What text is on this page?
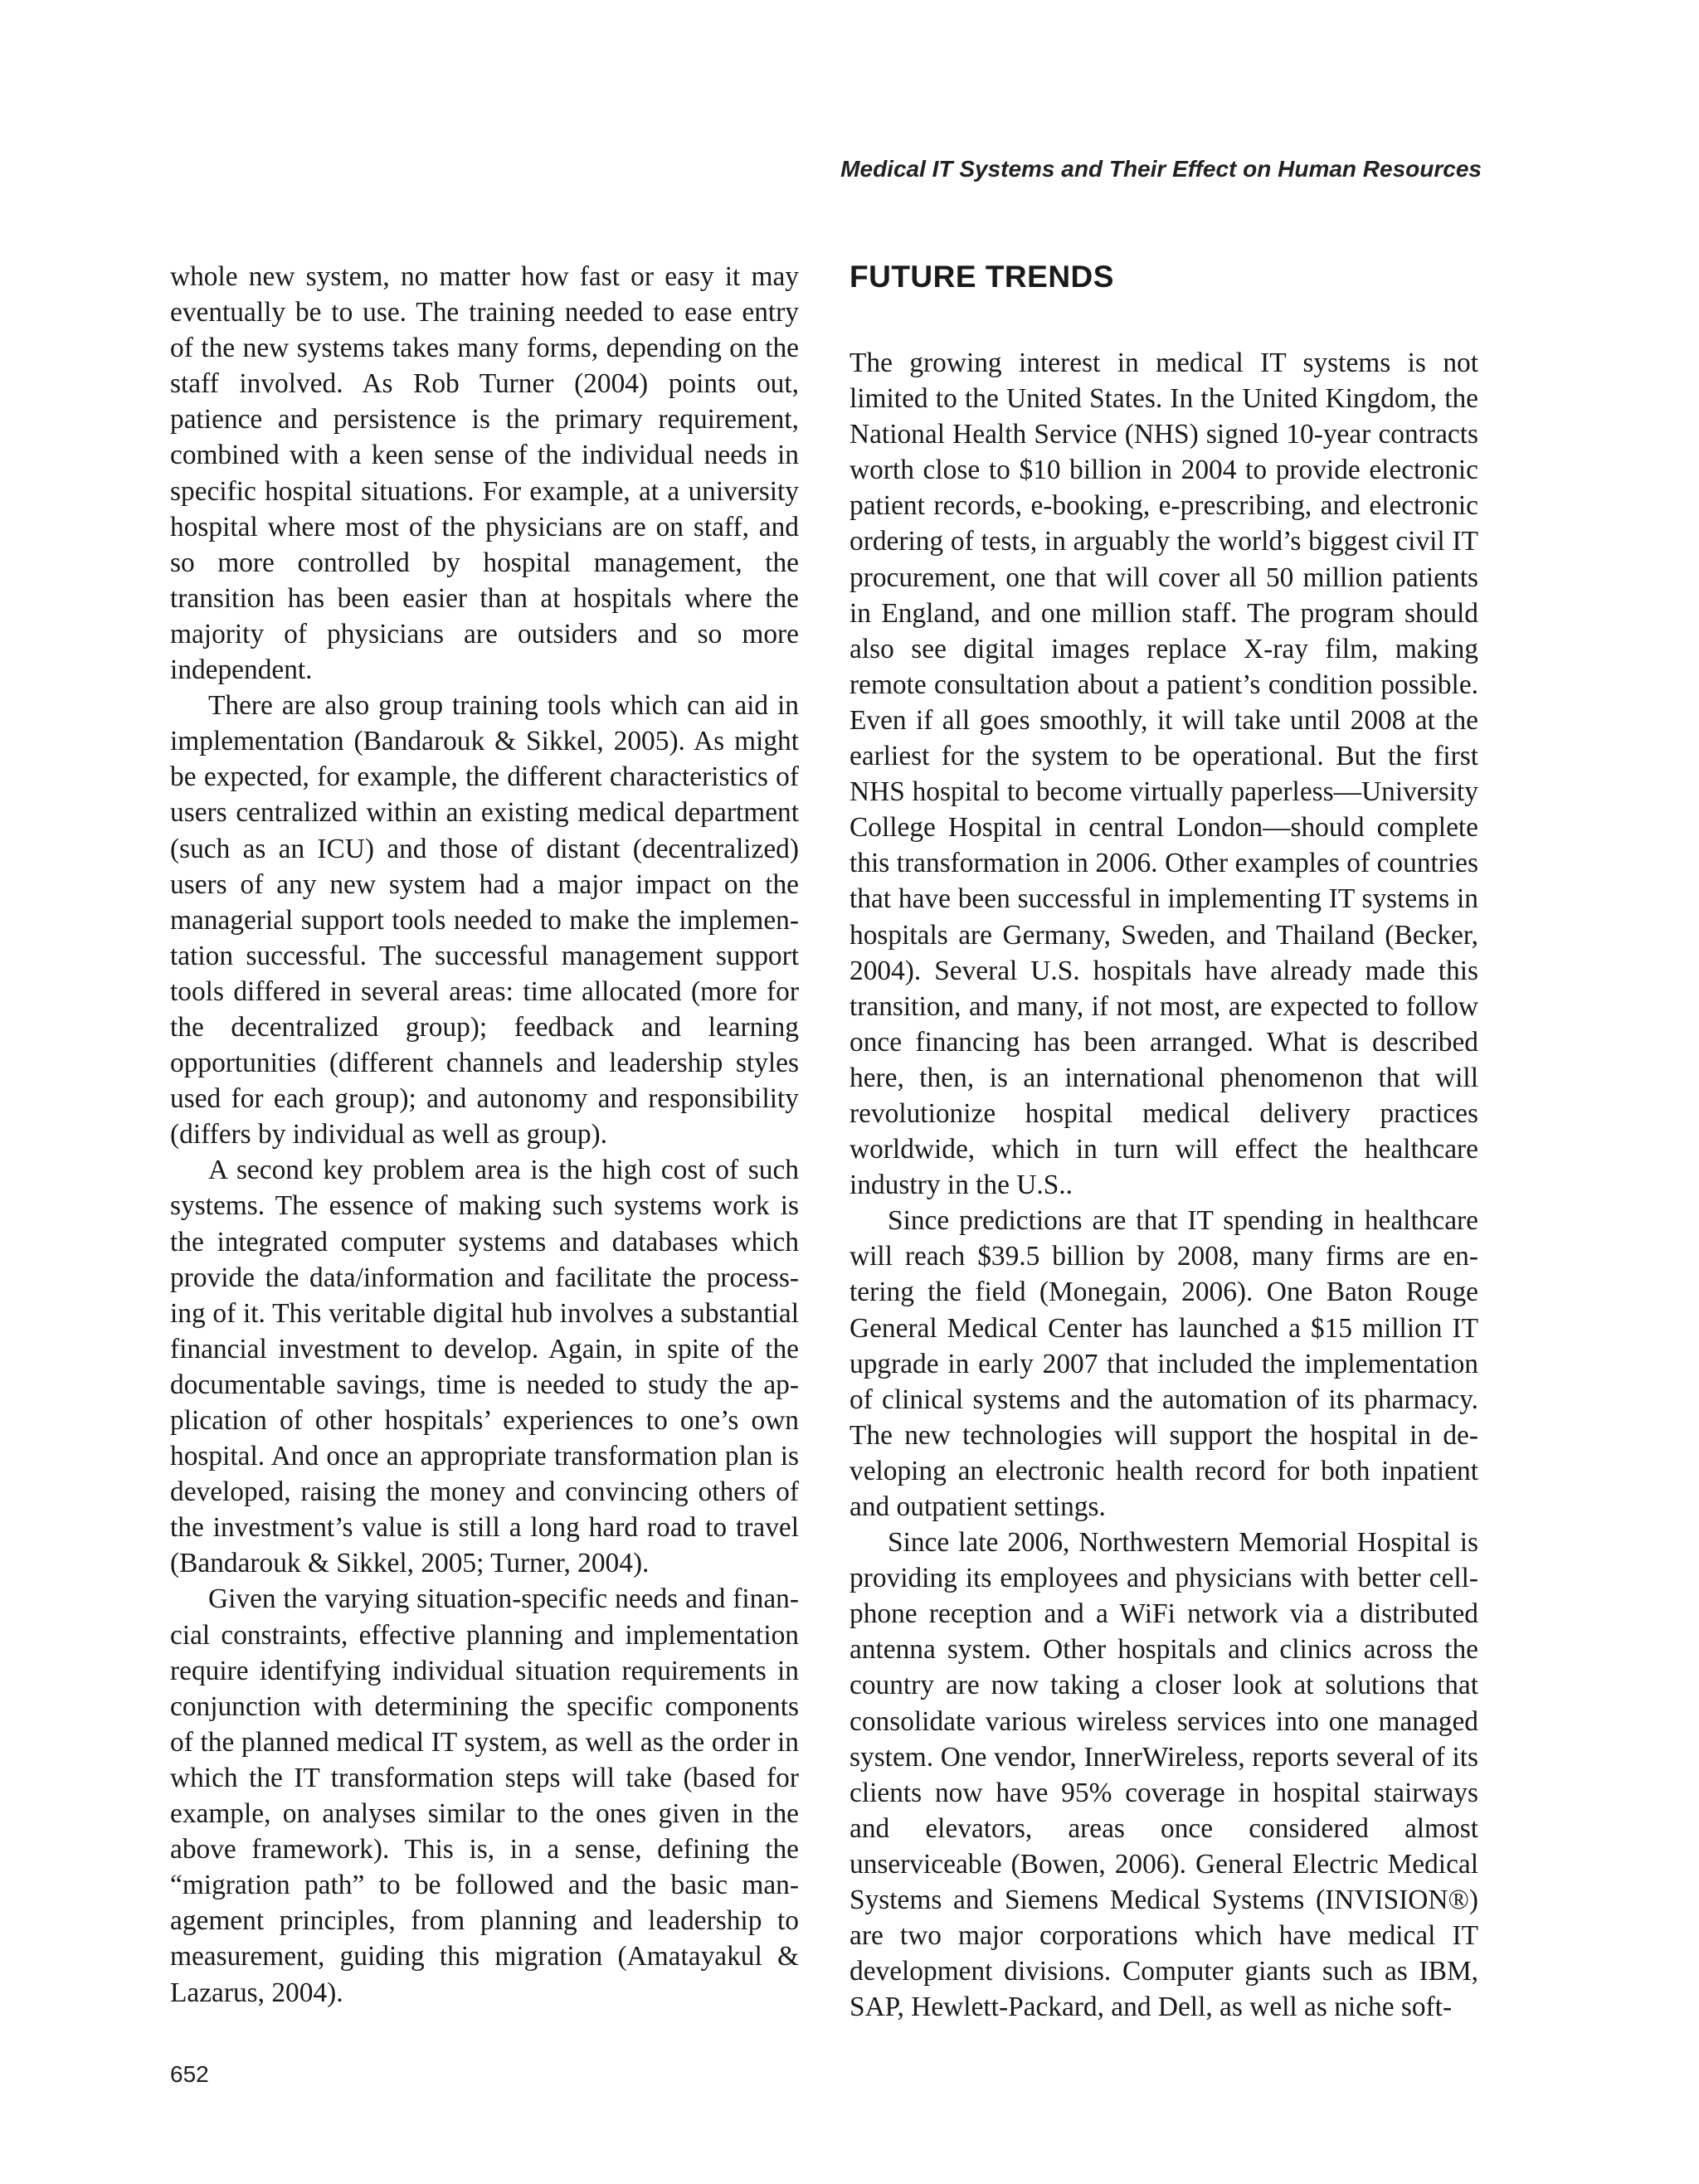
Medical IT Systems and Their Effect on Human Resources

whole new system, no matter how fast or easy it may eventually be to use. The training needed to ease entry of the new systems takes many forms, depending on the staff involved. As Rob Turner (2004) points out, patience and persistence is the primary requirement, combined with a keen sense of the individual needs in specific hospital situations. For example, at a university hospital where most of the physicians are on staff, and so more controlled by hospital management, the transition has been easier than at hospitals where the majority of physicians are outsiders and so more independent.

There are also group training tools which can aid in implementation (Bandarouk & Sikkel, 2005). As might be expected, for example, the different characteristics of users centralized within an existing medical department (such as an ICU) and those of distant (decentralized) users of any new system had a major impact on the managerial support tools needed to make the implementation successful. The successful management support tools differed in several areas: time allocated (more for the decentralized group); feedback and learning opportunities (different channels and leadership styles used for each group); and autonomy and responsibility (differs by individual as well as group).

A second key problem area is the high cost of such systems. The essence of making such systems work is the integrated computer systems and databases which provide the data/information and facilitate the processing of it. This veritable digital hub involves a substantial financial investment to develop. Again, in spite of the documentable savings, time is needed to study the application of other hospitals’ experiences to one’s own hospital. And once an appropriate transformation plan is developed, raising the money and convincing others of the investment’s value is still a long hard road to travel (Bandarouk & Sikkel, 2005; Turner, 2004).

Given the varying situation-specific needs and financial constraints, effective planning and implementation require identifying individual situation requirements in conjunction with determining the specific components of the planned medical IT system, as well as the order in which the IT transformation steps will take (based for example, on analyses similar to the ones given in the above framework). This is, in a sense, defining the “migration path” to be followed and the basic management principles, from planning and leadership to measurement, guiding this migration (Amatayakul & Lazarus, 2004).

FUTURE TRENDS

The growing interest in medical IT systems is not limited to the United States. In the United Kingdom, the National Health Service (NHS) signed 10-year contracts worth close to $10 billion in 2004 to provide electronic patient records, e-booking, e-prescribing, and electronic ordering of tests, in arguably the world’s biggest civil IT procurement, one that will cover all 50 million patients in England, and one million staff. The program should also see digital images replace X-ray film, making remote consultation about a patient’s condition possible. Even if all goes smoothly, it will take until 2008 at the earliest for the system to be operational. But the first NHS hospital to become virtually paperless—University College Hospital in central London—should complete this transformation in 2006. Other examples of countries that have been successful in implementing IT systems in hospitals are Germany, Sweden, and Thailand (Becker, 2004). Several U.S. hospitals have already made this transition, and many, if not most, are expected to follow once financing has been arranged. What is described here, then, is an international phenomenon that will revolutionize hospital medical delivery practices worldwide, which in turn will effect the healthcare industry in the U.S..

Since predictions are that IT spending in healthcare will reach $39.5 billion by 2008, many firms are entering the field (Monegain, 2006). One Baton Rouge General Medical Center has launched a $15 million IT upgrade in early 2007 that included the implementation of clinical systems and the automation of its pharmacy. The new technologies will support the hospital in developing an electronic health record for both inpatient and outpatient settings.

Since late 2006, Northwestern Memorial Hospital is providing its employees and physicians with better cell-phone reception and a WiFi network via a distributed antenna system. Other hospitals and clinics across the country are now taking a closer look at solutions that consolidate various wireless services into one managed system. One vendor, InnerWireless, reports several of its clients now have 95% coverage in hospital stairways and elevators, areas once considered almost unserviceable (Bowen, 2006). General Electric Medical Systems and Siemens Medical Systems (INVISION®) are two major corporations which have medical IT development divisions. Computer giants such as IBM, SAP, Hewlett-Packard, and Dell, as well as niche soft-

652
